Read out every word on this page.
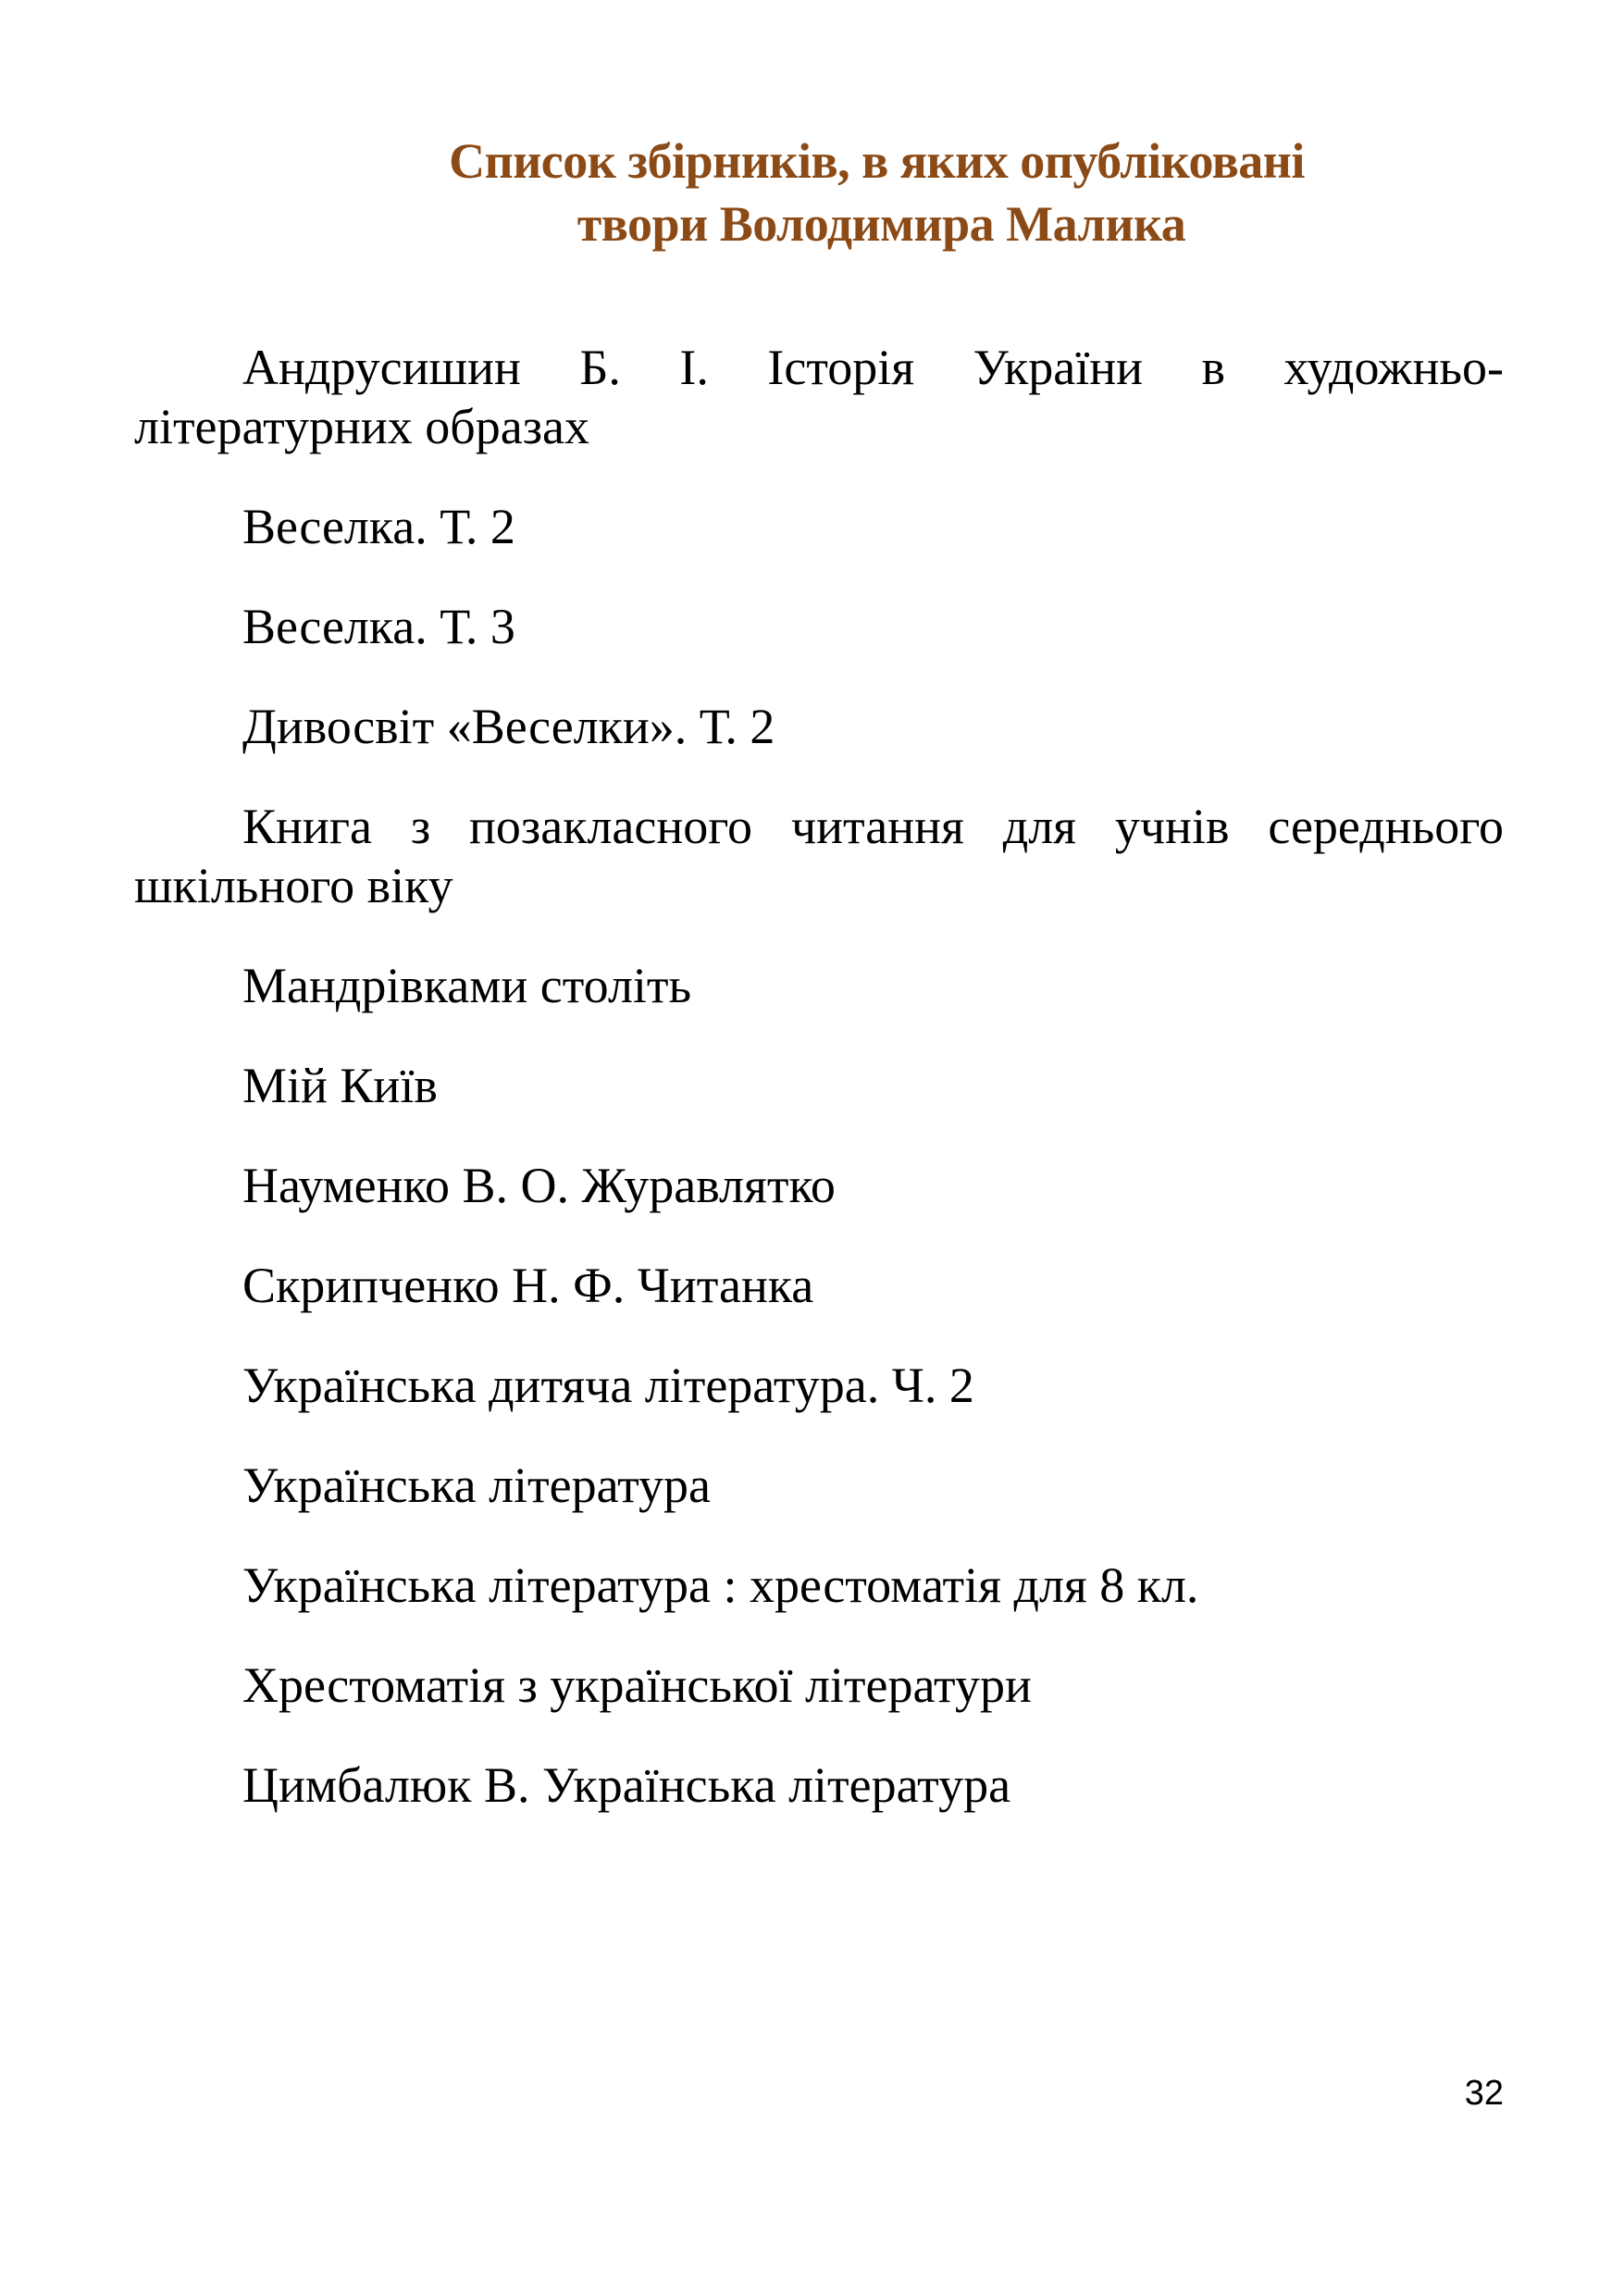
Список збірників, в яких опубліковані
твори Володимира Малика
Андрусишин Б. І. Історія України в художньо-літературних образах
Веселка. Т. 2
Веселка. Т. 3
Дивосвіт «Веселки». Т. 2
Книга з позакласного читання для учнів середнього шкільного віку
Мандрівками століть
Мій Київ
Науменко В. О. Журавлятко
Скрипченко Н. Ф. Читанка
Українська дитяча література. Ч. 2
Українська література
Українська література : хрестоматія для 8 кл.
Хрестоматія з української літератури
Цимбалюк В. Українська література
32
